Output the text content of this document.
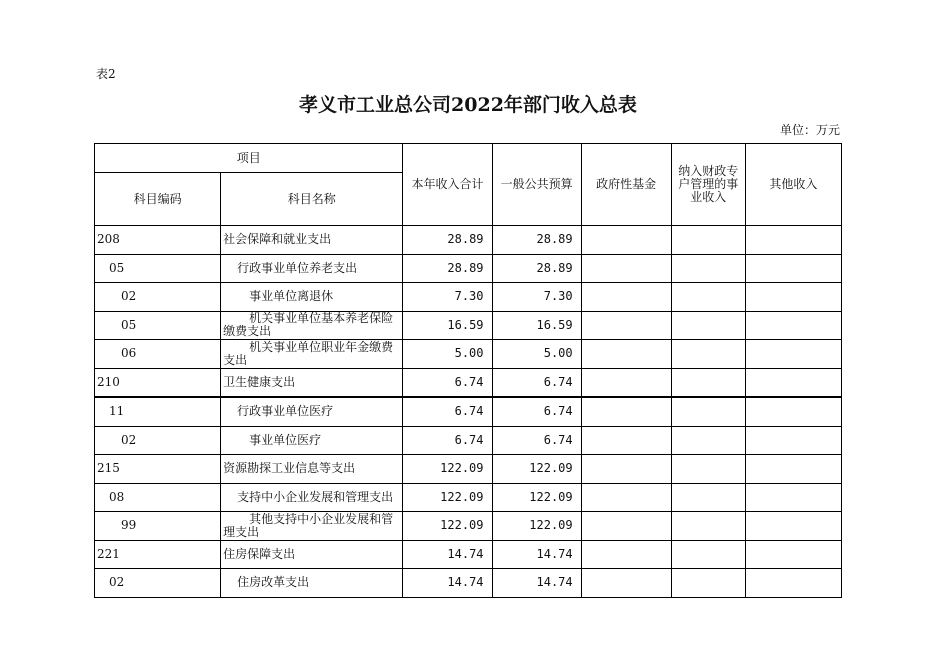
表2
孝义市工业总公司2022年部门收入总表
单位：万元
项目		本年收入合计	一般公共预算	政府性基金	纳入财政专户管理的事业收入	其他收入
科目编码	科目名称					
208	社会保障和就业支出	28.89	28.89			
05	行政事业单位养老支出	28.89	28.89			
02	事业单位离退休	7.30	7.30			
05	机关事业单位基本养老保险缴费支出	16.59	16.59			
06	机关事业单位职业年金缴费支出	5.00	5.00			
210	卫生健康支出	6.74	6.74			
11	行政事业单位医疗	6.74	6.74			
02	事业单位医疗	6.74	6.74			
215	资源勘探工业信息等支出	122.09	122.09			
08	支持中小企业发展和管理支出	122.09	122.09			
99	其他支持中小企业发展和管理支出	122.09	122.09			
221	住房保障支出	14.74	14.74			
02	住房改革支出	14.74	14.74			
